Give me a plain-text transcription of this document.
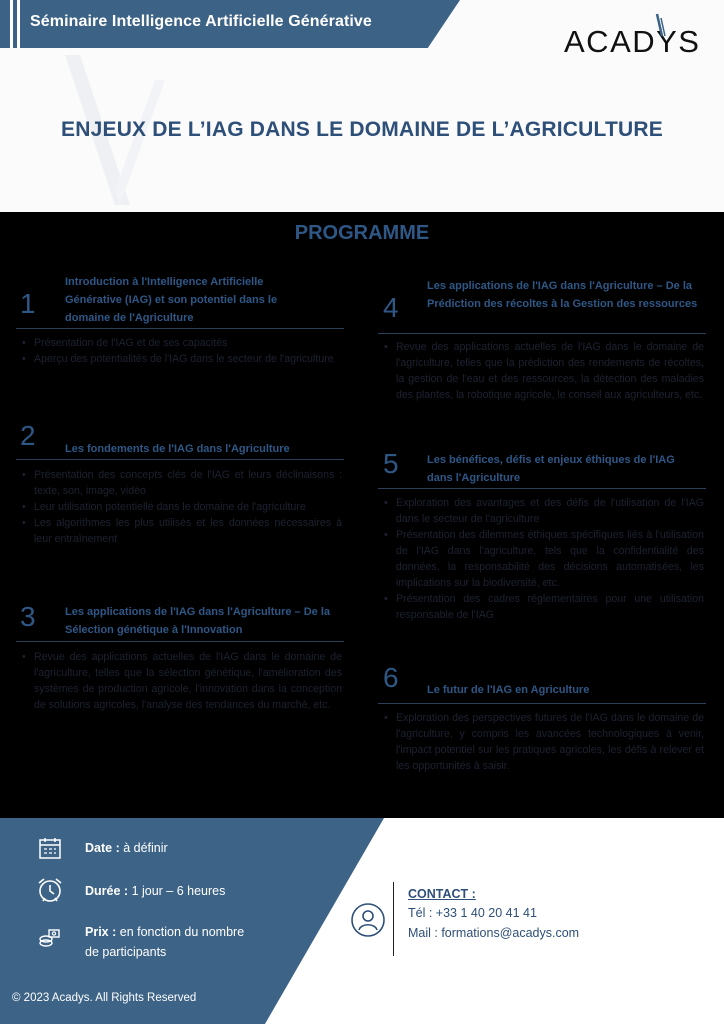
Séminaire Intelligence Artificielle Générative
ACADYS
ENJEUX DE L’IAG DANS LE DOMAINE DE L’AGRICULTURE
PROGRAMME
1
Introduction à l'Intelligence Artificielle Générative (IAG) et son potentiel dans le domaine de l'Agriculture
• Présentation de l'IAG et de ses capacités
• Aperçu des potentialités de l'IAG dans le secteur de l'agriculture
2	Les fondements de l'IAG dans l'Agriculture
• Présentation des concepts clés de l'IAG et leurs déclinaisons : texte, son, image, vidéo
• Leur utilisation potentielle dans le domaine de l'agriculture
• Les algorithmes les plus utilisés et les données nécessaires à leur entraînement
3	Les applications de l'IAG dans l'Agriculture – De la Sélection génétique à l'Innovation
• Revue des applications actuelles de l'IAG dans le domaine de l'agriculture, telles que la sélection génétique, l'amélioration des systèmes de production agricole, l'innovation dans la conception de solutions agricoles, l'analyse des tendances du marché, etc.
4
Les applications de l'IAG dans l'Agriculture – De la Prédiction des récoltes à la Gestion des ressources
• Revue des applications actuelles de l'IAG dans le domaine de l'agriculture, telles que la prédiction des rendements de récoltes, la gestion de l'eau et des ressources, la détection des maladies des plantes, la robotique agricole, le conseil aux agriculteurs, etc.
5	Les bénéfices, défis et enjeux éthiques de l'IAG dans l'Agriculture
• Exploration des avantages et des défis de l'utilisation de l'IAG dans le secteur de l'agriculture
• Présentation des dilemmes éthiques spécifiques liés à l'utilisation de l'IAG dans l'agriculture, tels que la confidentialité des données, la responsabilité des décisions automatisées, les implications sur la biodiversité, etc.
• Présentation des cadres réglementaires pour une utilisation responsable de l'IAG
6	Le futur de l'IAG en Agriculture
• Exploration des perspectives futures de l'IAG dans le domaine de l'agriculture, y compris les avancées technologiques à venir, l'impact potentiel sur les pratiques agricoles, les défis à relever et les opportunités à saisir.
Date : à définir
Durée : 1 jour – 6 heures
Prix : en fonction du nombre
de participants
© 2023 Acadys. All Rights Reserved
CONTACT :
Tél : +33 1 40 20 41 41
Mail : formations@acadys.com
